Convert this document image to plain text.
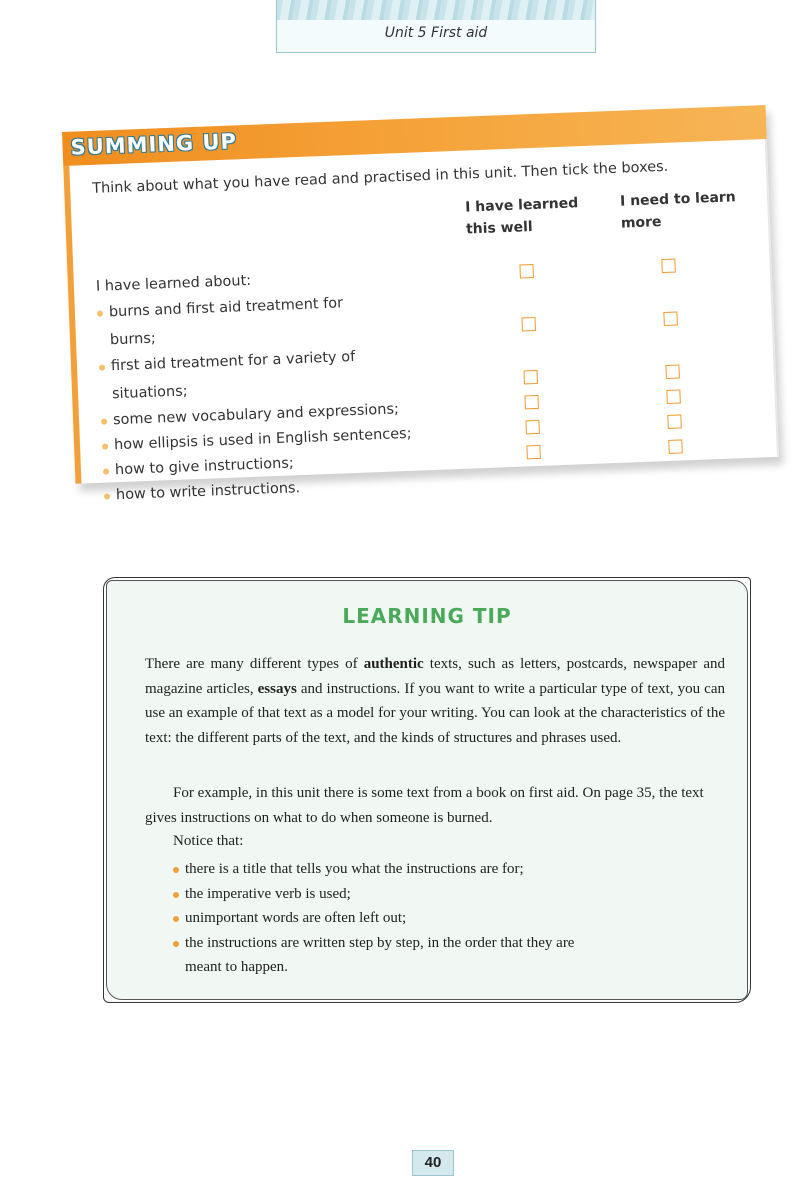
Unit 5 First aid
SUMMING UP
Think about what you have read and practised in this unit. Then tick the boxes.
I have learned this well
I need to learn more
I have learned about:
burns and first aid treatment for burns;
first aid treatment for a variety of situations;
some new vocabulary and expressions;
how ellipsis is used in English sentences;
how to give instructions;
how to write instructions.
LEARNING TIP
There are many different types of authentic texts, such as letters, postcards, newspaper and magazine articles, essays and instructions. If you want to write a particular type of text, you can use an example of that text as a model for your writing. You can look at the characteristics of the text: the different parts of the text, and the kinds of structures and phrases used.
For example, in this unit there is some text from a book on first aid. On page 35, the text gives instructions on what to do when someone is burned.
Notice that:
there is a title that tells you what the instructions are for;
the imperative verb is used;
unimportant words are often left out;
the instructions are written step by step, in the order that they are meant to happen.
40
